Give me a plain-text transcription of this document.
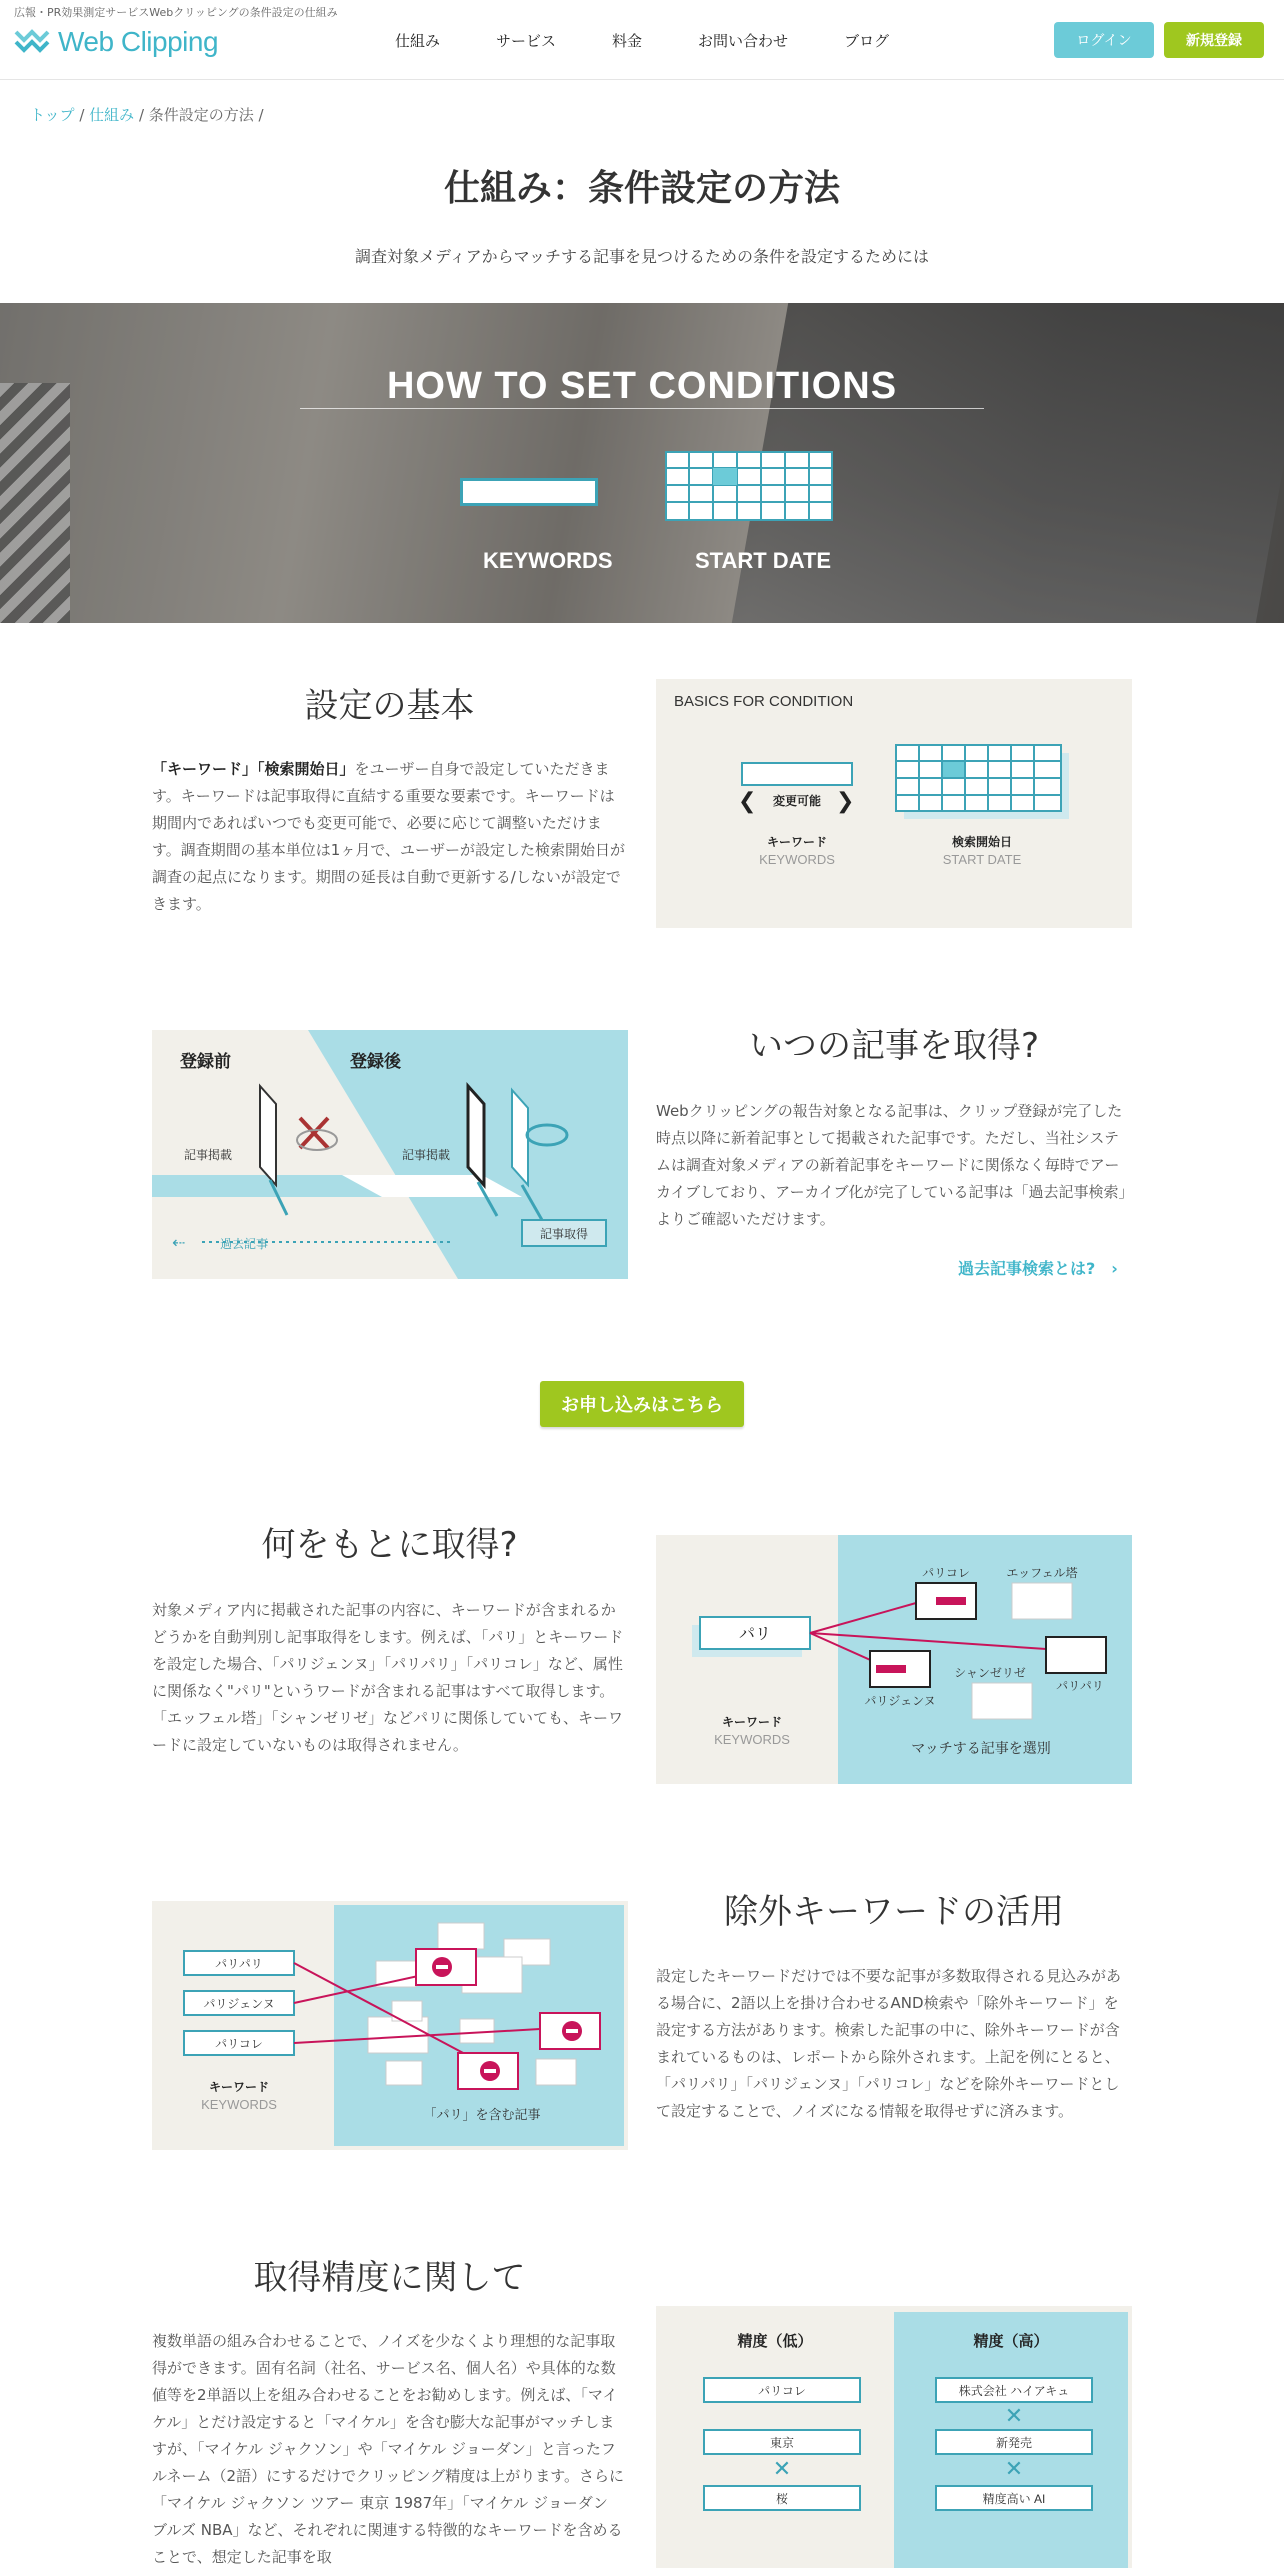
広報・PR効果測定サービスWebクリッピングの条件設定の仕組み
Web Clipping	仕組み	サービス	料金	お問い合わせ	ブログ	ログイン	新規登録
トップ / 仕組み / 条件設定の方法 /
仕組み：条件設定の方法
調査対象メディアからマッチする記事を見つけるための条件を設定するためには
HOW TO SET CONDITIONS
KEYWORDS	START DATE
設定の基本
「キーワード」「検索開始日」をユーザー自身で設定していただきます。キーワードは記事取得に直結する重要な要素です。キーワードは期間内であればいつでも変更可能で、必要に応じて調整いただけます。調査期間の基本単位は1ヶ月で、ユーザーが設定した検索開始日が調査の起点になります。期間の延長は自動で更新する/しないが設定できます。
BASICS FOR CONDITION
❮	❯
変更可能
キーワード
KEYWORDS
検索開始日
START DATE
登録前	登録後
記事掲載	記事掲載
記事取得
⇠	過去記事
いつの記事を取得?
Webクリッピングの報告対象となる記事は、クリップ登録が完了した時点以降に新着記事として掲載された記事です。ただし、当社システムは調査対象メディアの新着記事をキーワードに関係なく毎時でアーカイブしており、アーカイブ化が完了している記事は「過去記事検索」よりご確認いただけます。
過去記事検索とは?　›
お申し込みはこちら
何をもとに取得?
対象メディア内に掲載された記事の内容に、キーワードが含まれるかどうかを自動判別し記事取得をします。例えば、「パリ」とキーワードを設定した場合、「パリジェンヌ」「パリパリ」「パリコレ」など、属性に関係なく"パリ"というワードが含まれる記事はすべて取得します。「エッフェル塔」「シャンゼリゼ」などパリに関係していても、キーワードに設定していないものは取得されません。
パリ
キーワード
KEYWORDS
パリコレ	エッフェル塔
パリパリ
シャンゼリゼ
パリジェンヌ
マッチする記事を選別
パリパリ
パリジェンヌ
パリコレ
キーワード
KEYWORDS
「パリ」を含む記事
除外キーワードの活用
設定したキーワードだけでは不要な記事が多数取得される見込みがある場合に、2語以上を掛け合わせるAND検索や「除外キーワード」を設定する方法があります。検索した記事の中に、除外キーワードが含まれているものは、レポートから除外されます。上記を例にとると、「パリパリ」「パリジェンヌ」「パリコレ」などを除外キーワードとして設定することで、ノイズになる情報を取得せずに済みます。
取得精度に関して
複数単語の組み合わせることで、ノイズを少なくより理想的な記事取得ができます。固有名詞（社名、サービス名、個人名）や具体的な数値等を2単語以上を組み合わせることをお勧めします。例えば、「マイケル」とだけ設定すると「マイケル」を含む膨大な記事がマッチしますが、「マイケル ジャクソン」や「マイケル ジョーダン」と言ったフルネーム（2語）にするだけでクリッピング精度は上がります。さらに「マイケル ジャクソン ツアー 東京 1987年」「マイケル ジョーダン ブルズ NBA」など、それぞれに関連する特徴的なキーワードを含めることで、想定した記事を取
精度（低）	精度（高）
パリコレ
東京
✕
桜
株式会社 ハイアキュ
✕
新発売
✕
精度高い AI
